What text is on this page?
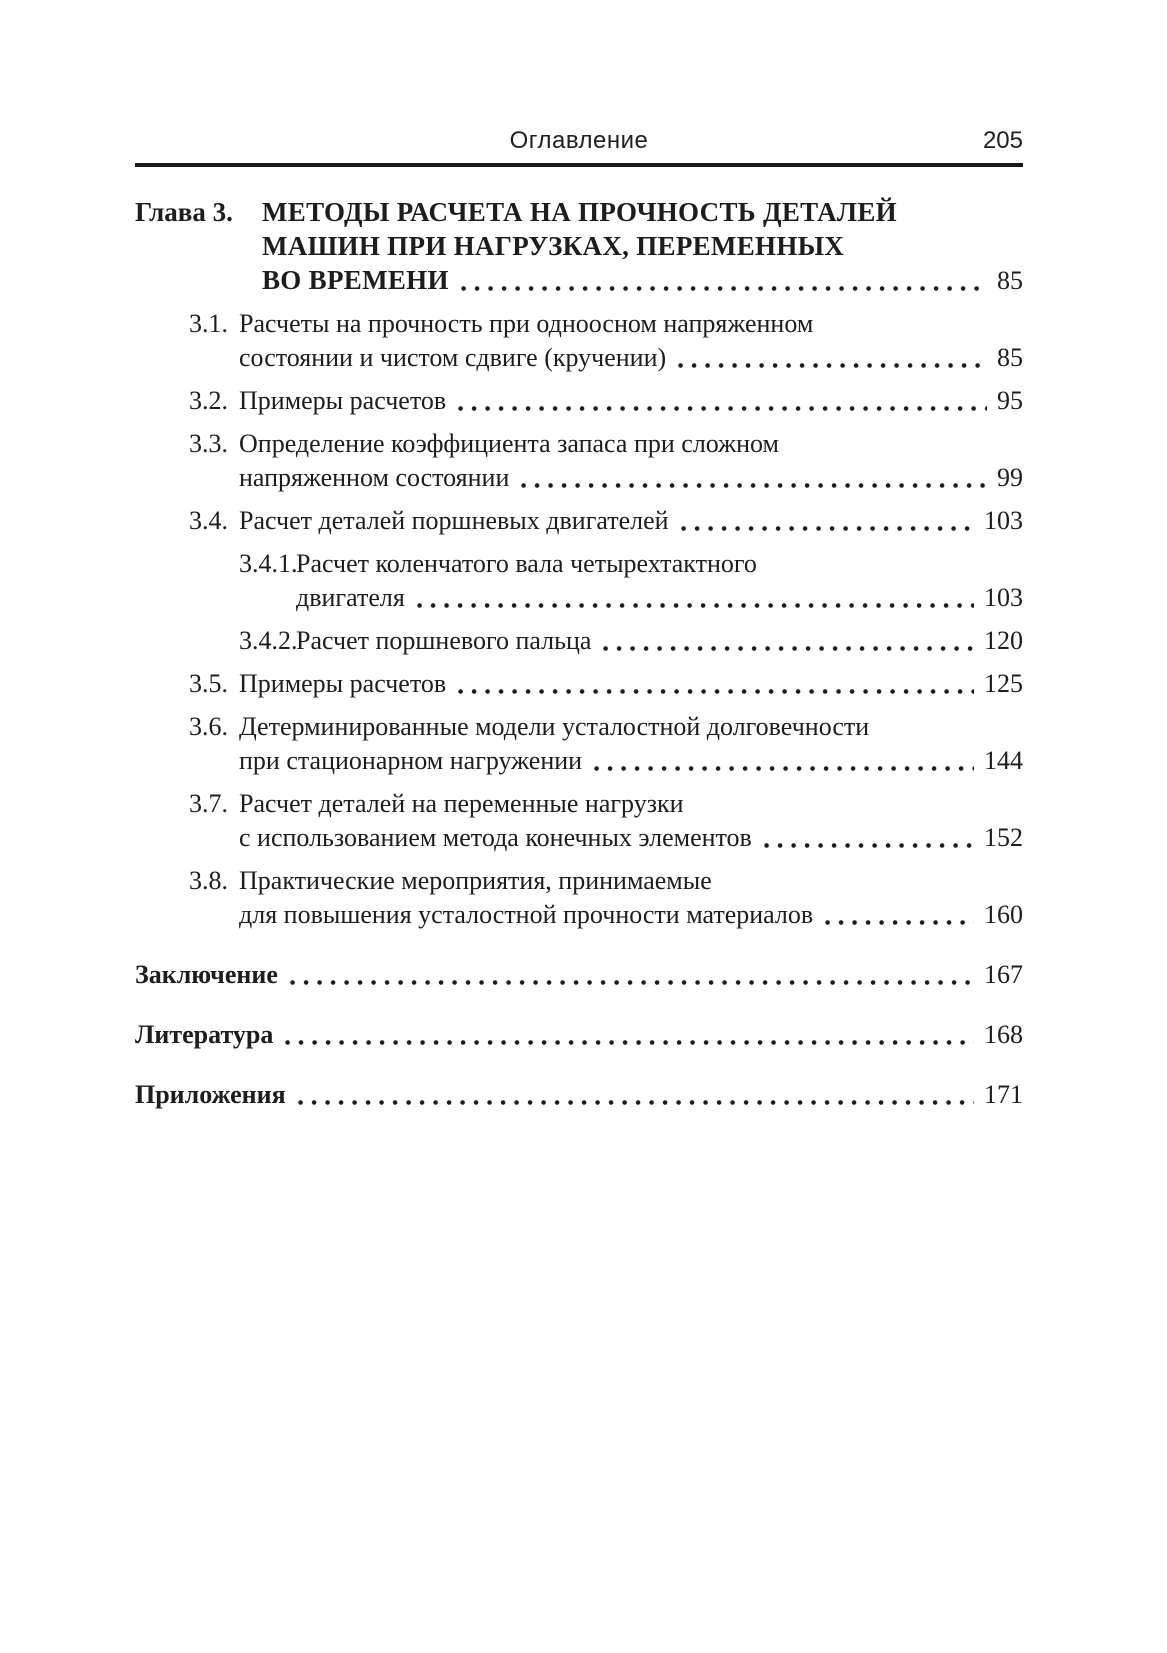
Оглавление	205
Глава 3. МЕТОДЫ РАСЧЕТА НА ПРОЧНОСТЬ ДЕТАЛЕЙ
МАШИН ПРИ НАГРУЗКАХ, ПЕРЕМЕННЫХ
ВО ВРЕМЕНИ	85
3.1. Расчеты на прочность при одноосном напряженном
состоянии и чистом сдвиге (кручении)	85
3.2. Примеры расчетов	95
3.3. Определение коэффициента запаса при сложном
напряженном состоянии	99
3.4. Расчет деталей поршневых двигателей	103
3.4.1.
Расчет коленчатого вала четырехтактного
двигателя	103
3.4.2.
Расчет поршневого пальца	120
3.5. Примеры расчетов	125
3.6. Детерминированные модели усталостной долговечности
при стационарном нагружении	144
3.7. Расчет деталей на переменные нагрузки
с использованием метода конечных элементов	152
3.8. Практические мероприятия, принимаемые
для повышения усталостной прочности материалов	160
Заключение	167
Литература	168
Приложения	171
